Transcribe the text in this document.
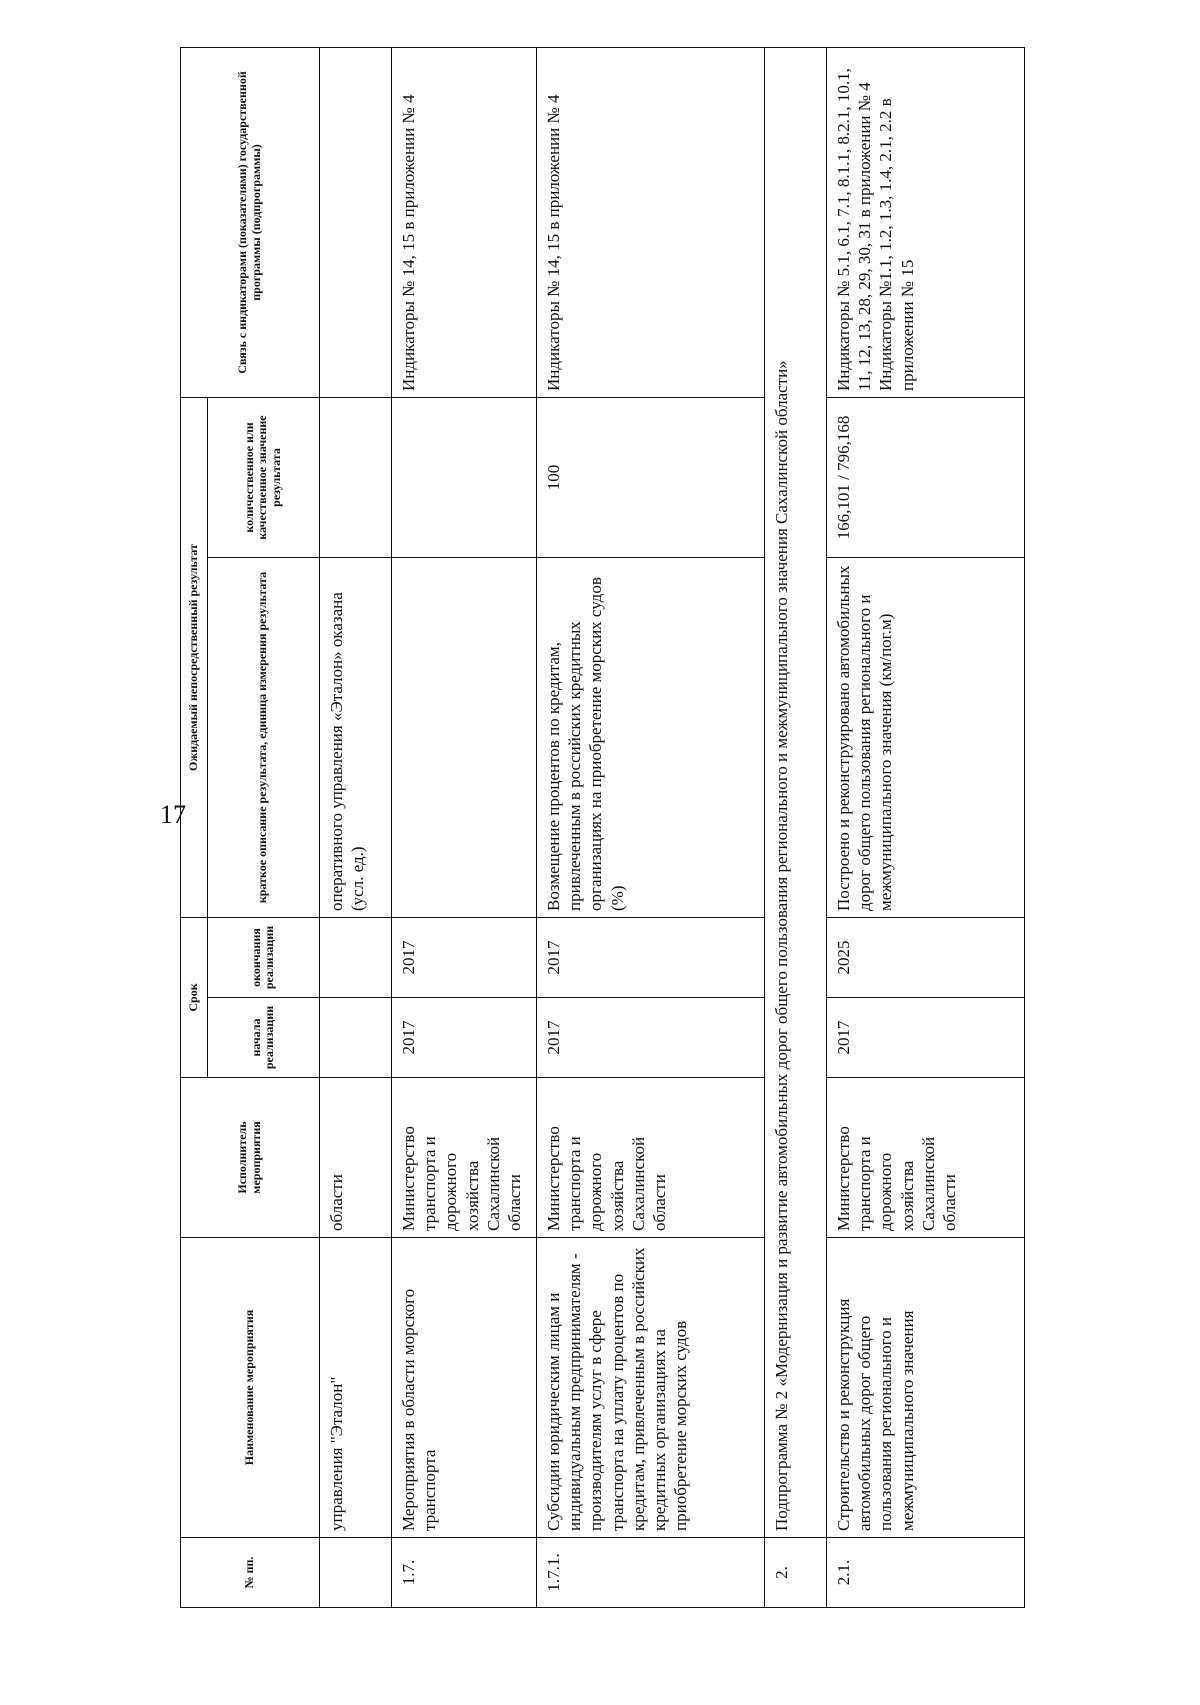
17
№ пп.	Наименование мероприятия	Исполнитель мероприятия	Срок		Ожидаемый непосредственный результат		Связь с индикаторами (показателями) государственной программы (подпрограммы)
			начала реализации	окончания реализации	краткое описание результата, единица измерения результата	количественное или качественное значение результата	
	управления "Эталон"	области			оперативного управления «Эталон» оказана (усл. ед.)		
1.7.	Мероприятия в области морского транспорта	Министерство транспорта и дорожного хозяйства Сахалинской области	2017	2017			Индикаторы № 14, 15 в приложении № 4
1.7.1.	Субсидии юридическим лицам и индивидуальным предпринимателям - производителям услуг в сфере транспорта на уплату процентов по кредитам, привлеченным в российских кредитных организациях на приобретение морских судов	Министерство транспорта и дорожного хозяйства Сахалинской области	2017	2017	Возмещение процентов по кредитам, привлеченным в российских кредитных организациях на приобретение морских судов (%)	100	Индикаторы № 14, 15 в приложении № 4
2.	Подпрограмма № 2 «Модернизация и развитие автомобильных дорог общего пользования регионального и межмуниципального значения Сахалинской области»						
2.1.	Строительство и реконструкция автомобильных дорог общего пользования регионального и межмуниципального значения	Министерство транспорта и дорожного хозяйства Сахалинской области	2017	2025	Построено и реконструировано автомобильных дорог общего пользования регионального и межмуниципального значения (км/пог.м)	166,101 / 796,168	Индикаторы № 5.1, 6.1, 7.1, 8.1.1, 8.2.1, 10.1, 11, 12, 13, 28, 29, 30, 31 в приложении № 4 Индикаторы №1.1, 1.2, 1.3, 1.4, 2.1, 2.2 в приложении № 15
